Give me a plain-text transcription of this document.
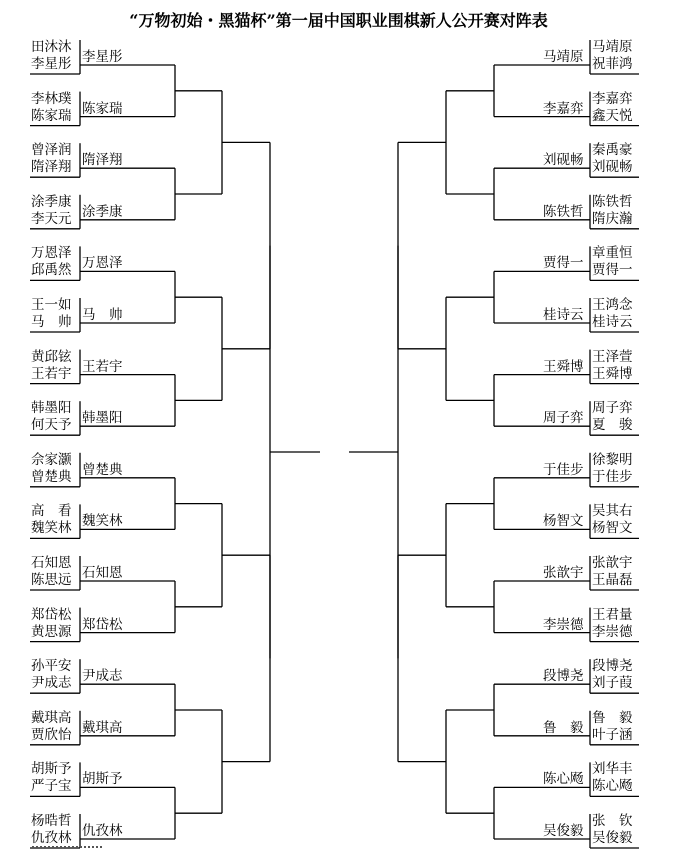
“万物初始・黑猫杯”第一届中国职业围棋新人公开赛对阵表
田沐沐
李星彤 李星彤
马靖原
祝菲鸿
马靖原
李林璞
陈家瑞 陈家瑞
李嘉弈
鑫天悦
李嘉弈
曾泽润
隋泽翔 隋泽翔
秦禹豪
刘砚畅
刘砚畅
涂季康
李天元 涂季康
陈铁哲
隋庆瀚
陈铁哲
万恩泽
邱禹然 万恩泽
章重恒
贾得一
贾得一
王一如
马　帅 马　帅
王鸿念
桂诗云
桂诗云
黄邱铉
王若宇 王若宇
王泽萱
王舜博
王舜博
韩墨阳
何天予 韩墨阳
周子弈
夏　骏
周子弈
佘家灏
曾楚典 曾楚典
徐黎明
于佳步
于佳步
高　看
魏笑林 魏笑林
吴其右
杨智文
杨智文
石知恩
陈思远 石知恩
张歆宇
王晶磊
张歆宇
郑岱松
黄思源 郑岱松
王君量
李崇德
李崇德
孙平安
尹成志 尹成志
段博尧
刘子葭
段博尧
戴琪高
贾欣怡 戴琪高
鲁　毅
叶子涵
鲁　毅
胡斯予
严子宝 胡斯予
刘华丰
陈心飏
陈心飏
杨晧哲
仇孜林 仇孜林
张　钦
吴俊毅
吴俊毅
